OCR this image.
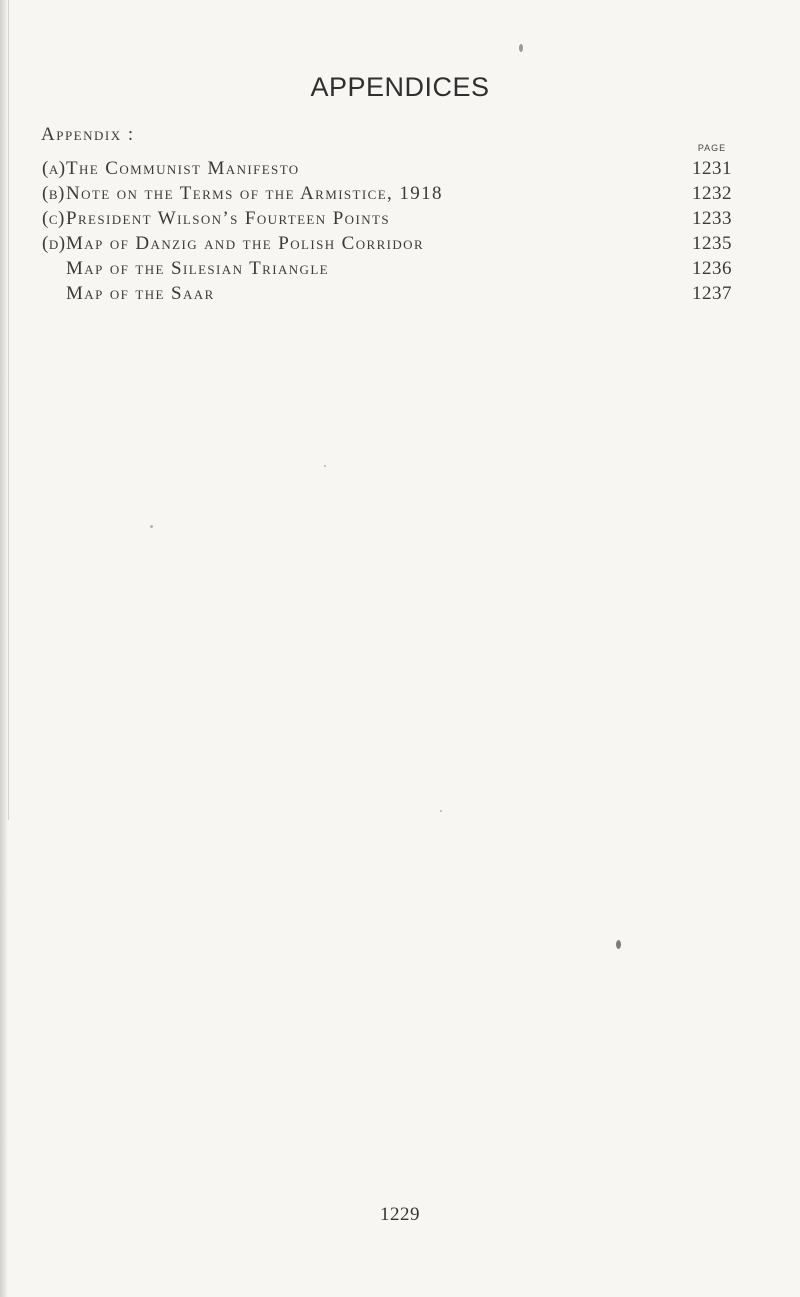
APPENDICES
Appendix :
PAGE
(a)The Communist Manifesto	1231
(b)Note on the Terms of the Armistice, 1918	1232
(c)President Wilson’s Fourteen Points	1233
(d)Map of Danzig and the Polish Corridor	1235
Map of the Silesian Triangle	1236
Map of the Saar	1237
1229
